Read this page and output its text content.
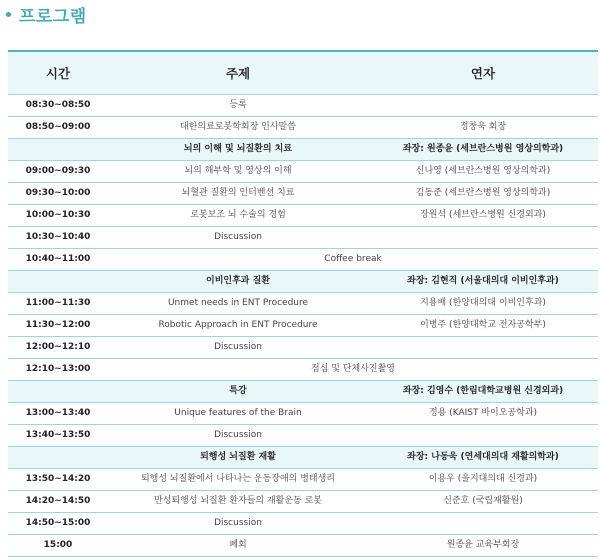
프로그램
시간	주제	연자
08:30~08:50	등록	
08:50~09:00	대한의료로봇학회장 인사말씀	정창욱 회장
	뇌의 이해 및 뇌질환의 치료	좌장: 원종윤 (세브란스병원 영상의학과)
09:00~09:30	뇌의 해부학 및 영상의 이해	신나영 (세브란스병원 영상의학과)
09:30~10:00	뇌혈관 질환의 인터벤션 치료	김동준 (세브란스병원 영상의학과)
10:00~10:30	로봇보조 뇌 수술의 경험	장원석 (세브란스병원 신경외과)
10:30~10:40	Discussion	
10:40~11:00	Coffee break	
	이비인후과 질환	좌장: 김현직 (서울대의대 이비인후과)
11:00~11:30	Unmet needs in ENT Procedure	지용배 (한양대의대 이비인후과)
11:30~12:00	Robotic Approach in ENT Procedure	이병주 (한양대학교 전자공학부)
12:00~12:10	Discussion	
12:10~13:00	점심 및 단체사진촬영	
	특강	좌장: 김영수 (한림대학교병원 신경외과)
13:00~13:40	Unique features of the Brain	정용 (KAIST 바이오공학과)
13:40~13:50	Discussion	
	퇴행성 뇌질환 재활	좌장: 나동욱 (연세대의대 재활의학과)
13:50~14:20	퇴행성 뇌질환에서 나타나는 운동장애의 병태생리	이용우 (을지대의대 신경과)
14:20~14:50	만성퇴행성 뇌질환 환자들의 재활운동 로봇	신준호 (국립재활원)
14:50~15:00	Discussion	
15:00	폐회	원종윤 교육부회장
